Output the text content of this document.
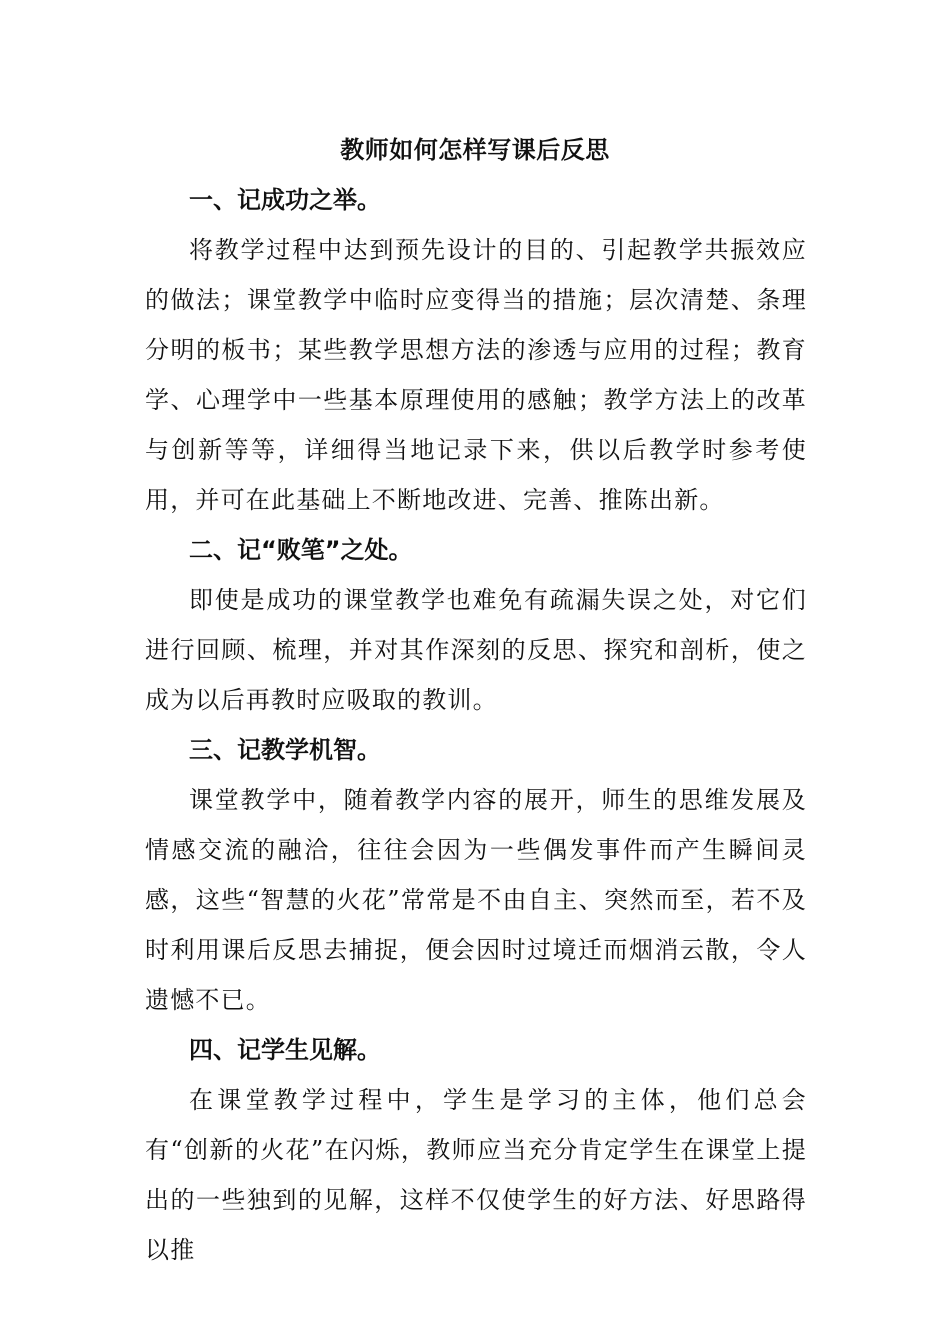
教师如何怎样写课后反思
一、记成功之举。

将教学过程中达到预先设计的目的、引起教学共振效应的做法；课堂教学中临时应变得当的措施；层次清楚、条理分明的板书；某些教学思想方法的渗透与应用的过程；教育学、心理学中一些基本原理使用的感触；教学方法上的改革与创新等等，详细得当地记录下来，供以后教学时参考使用，并可在此基础上不断地改进、完善、推陈出新。

二、记“败笔”之处。

即使是成功的课堂教学也难免有疏漏失误之处，对它们进行回顾、梳理，并对其作深刻的反思、探究和剖析，使之成为以后再教时应吸取的教训。

三、记教学机智。

课堂教学中，随着教学内容的展开，师生的思维发展及情感交流的融洽，往往会因为一些偶发事件而产生瞬间灵感，这些“智慧的火花”常常是不由自主、突然而至，若不及时利用课后反思去捕捉，便会因时过境迁而烟消云散，令人遗憾不已。

四、记学生见解。

在课堂教学过程中，学生是学习的主体，他们总会有“创新的火花”在闪烁，教师应当充分肯定学生在课堂上提出的一些独到的见解，这样不仅使学生的好方法、好思路得以推
